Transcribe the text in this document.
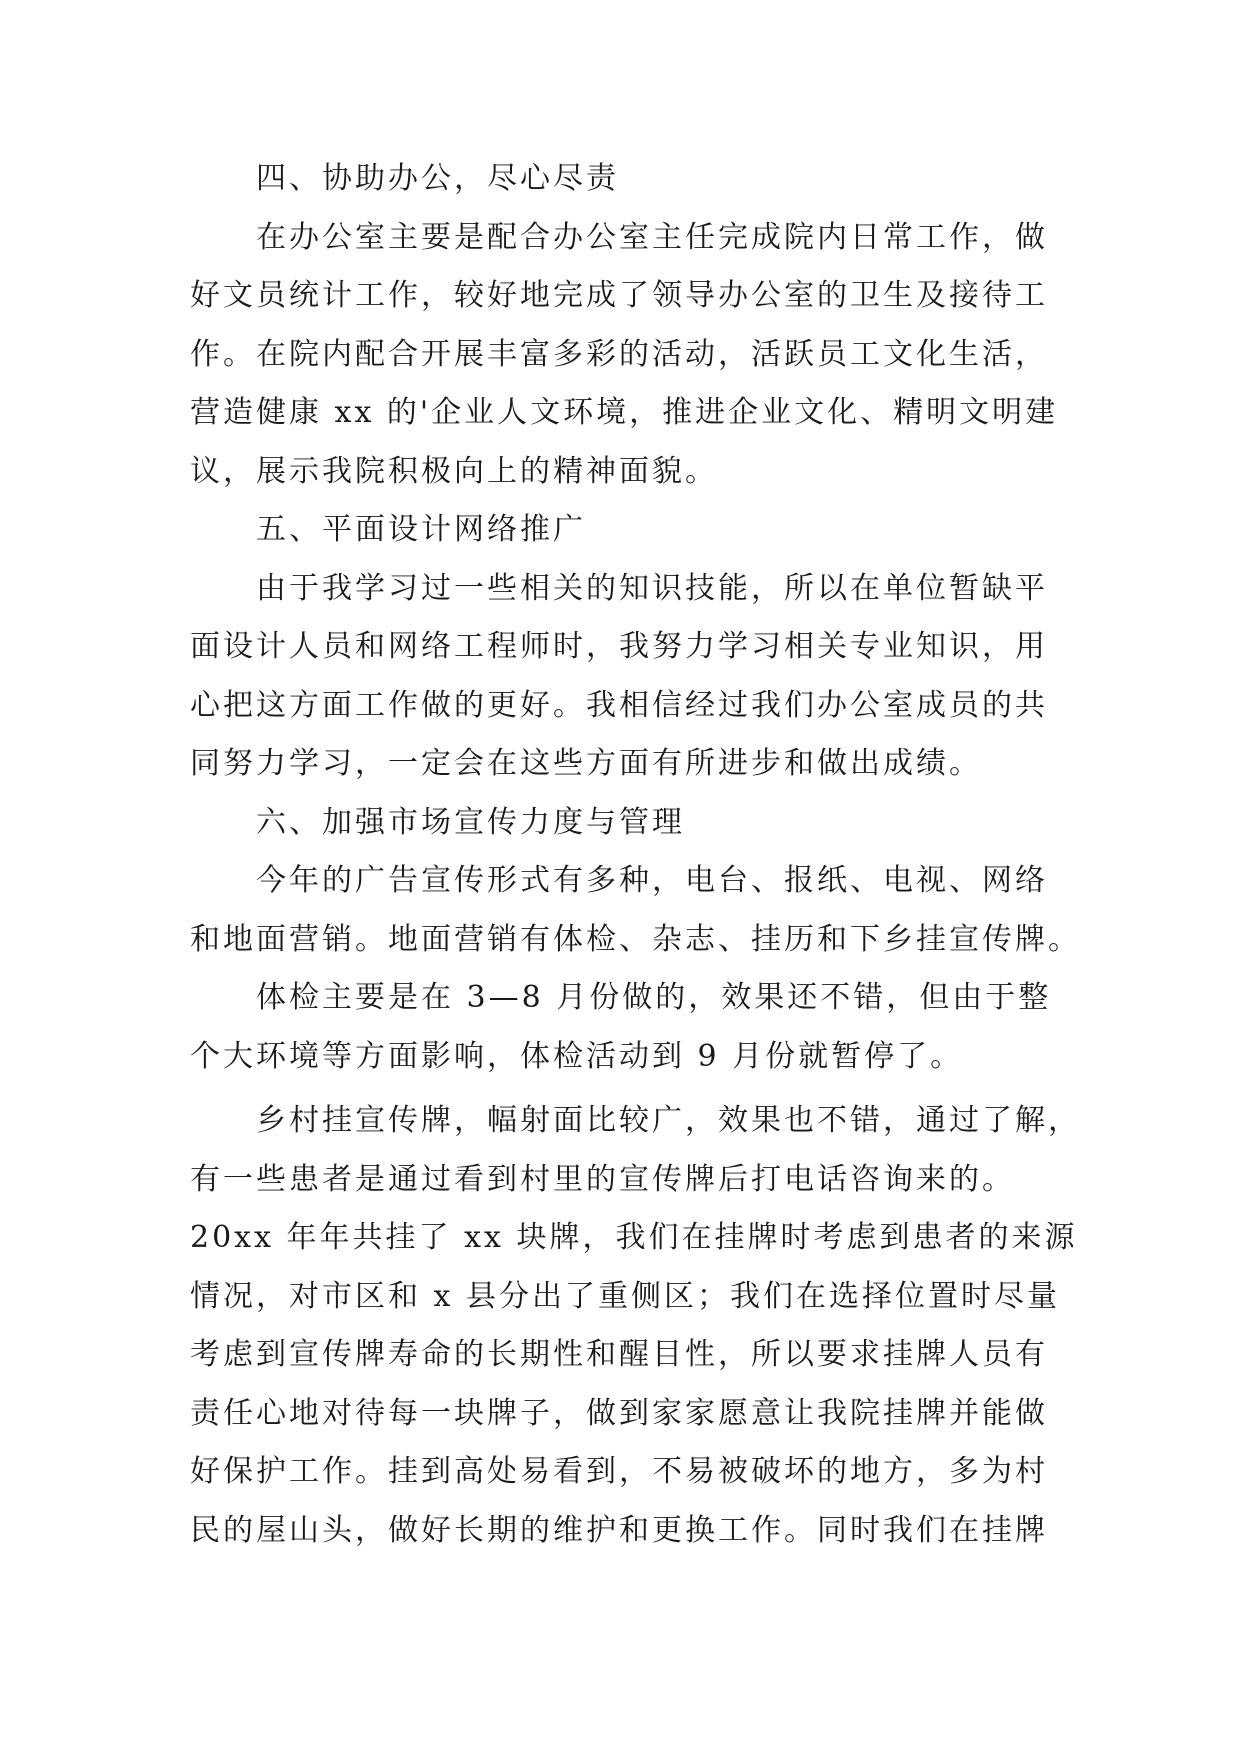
四、协助办公，尽心尽责
在办公室主要是配合办公室主任完成院内日常工作，做
好文员统计工作，较好地完成了领导办公室的卫生及接待工
作。在院内配合开展丰富多彩的活动，活跃员工文化生活，
营造健康 xx 的'企业人文环境，推进企业文化、精明文明建
议，展示我院积极向上的精神面貌。
五、平面设计网络推广
由于我学习过一些相关的知识技能，所以在单位暂缺平
面设计人员和网络工程师时，我努力学习相关专业知识，用
心把这方面工作做的更好。我相信经过我们办公室成员的共
同努力学习，一定会在这些方面有所进步和做出成绩。
六、加强市场宣传力度与管理
今年的广告宣传形式有多种，电台、报纸、电视、网络
和地面营销。地面营销有体检、杂志、挂历和下乡挂宣传牌。
体检主要是在 3—8 月份做的，效果还不错，但由于整
个大环境等方面影响，体检活动到 9 月份就暂停了。
乡村挂宣传牌，幅射面比较广，效果也不错，通过了解，
有一些患者是通过看到村里的宣传牌后打电话咨询来的。
20xx 年年共挂了 xx 块牌，我们在挂牌时考虑到患者的来源
情况，对市区和 x 县分出了重侧区；我们在选择位置时尽量
考虑到宣传牌寿命的长期性和醒目性，所以要求挂牌人员有
责任心地对待每一块牌子，做到家家愿意让我院挂牌并能做
好保护工作。挂到高处易看到，不易被破坏的地方，多为村
民的屋山头，做好长期的维护和更换工作。同时我们在挂牌
